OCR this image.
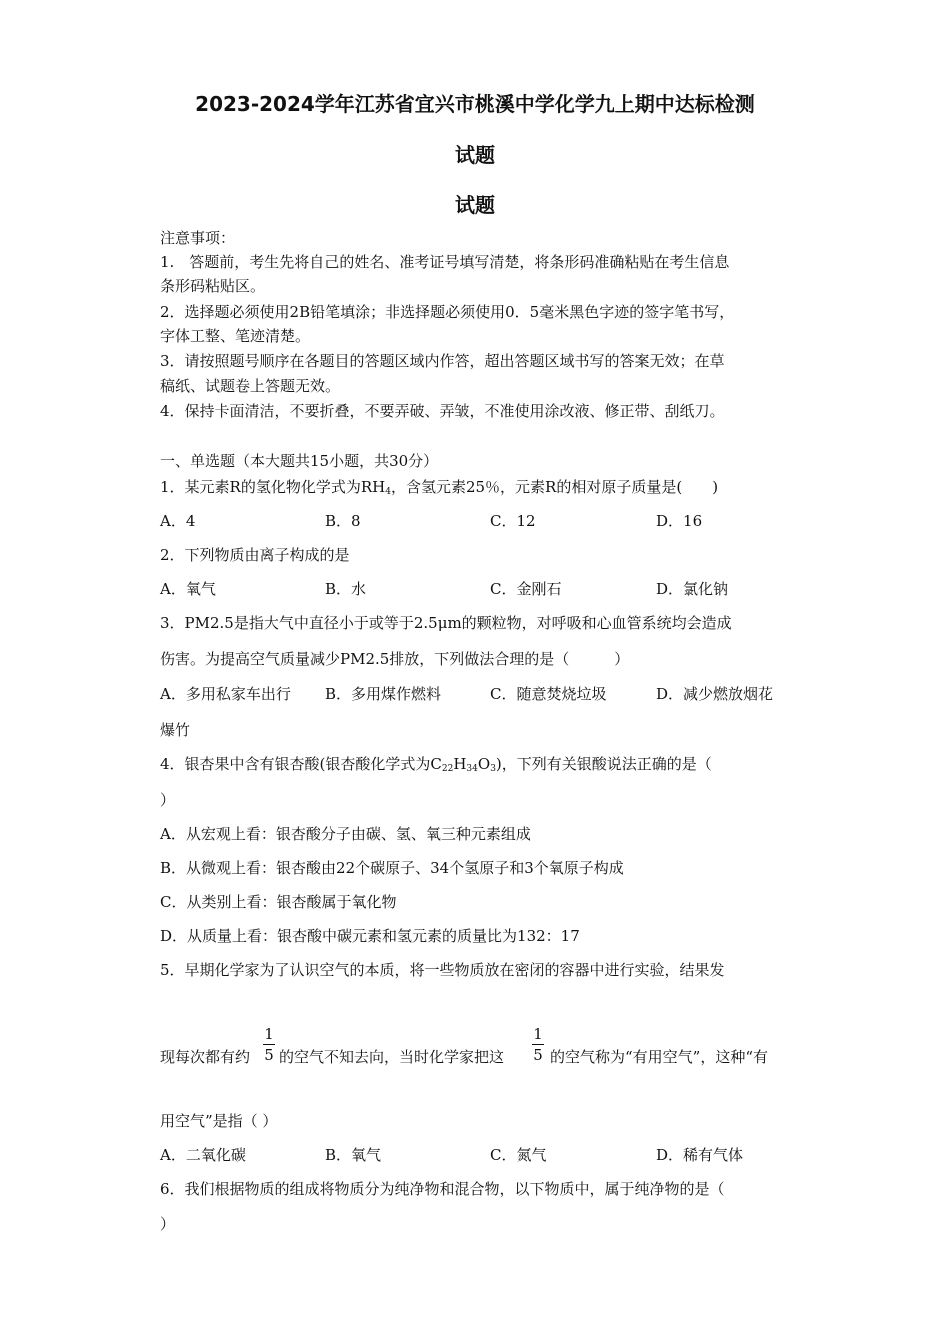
2023-2024学年江苏省宜兴市桃溪中学化学九上期中达标检测
试题
试题
注意事项：
1.　答题前，考生先将自己的姓名、准考证号填写清楚，将条形码准确粘贴在考生信息
条形码粘贴区。
2．选择题必须使用2B铅笔填涂；非选择题必须使用0．5毫米黑色字迹的签字笔书写，
字体工整、笔迹清楚。
3．请按照题号顺序在各题目的答题区域内作答，超出答题区域书写的答案无效；在草
稿纸、试题卷上答题无效。
4．保持卡面清洁，不要折叠，不要弄破、弄皱，不准使用涂改液、修正带、刮纸刀。
一、单选题（本大题共15小题，共30分）
1．某元素R的氢化物化学式为$RH_4$，含氢元素25％，元素R的相对原子质量是(　　)
A．4	B．8	C．12	D．16
2．下列物质由离子构成的是
A．氧气	B．水	C．金刚石	D．氯化钠
3．PM2.5是指大气中直径小于或等于2.5μm的颗粒物，对呼吸和心血管系统均会造成
伤害。为提高空气质量减少PM2.5排放，下列做法合理的是（　　　）
A．多用私家车出行 B．多用煤作燃料	C．随意焚烧垃圾	D．减少燃放烟花
爆竹
4．银杏果中含有银杏酸(银杏酸化学式为$C_{22}H_{34}O_3$)，下列有关银酸说法正确的是（
）
A．从宏观上看：银杏酸分子由碳、氢、氧三种元素组成
B．从微观上看：银杏酸由22个碳原子、34个氢原子和3个氧原子构成
C．从类别上看：银杏酸属于氧化物
D．从质量上看：银杏酸中碳元素和氢元素的质量比为132：17
5．早期化学家为了认识空气的本质，将一些物质放在密闭的容器中进行实验，结果发
现每次都有约
1
5 的空气不知去向，当时化学家把这
1
5 的空气称为“有用空气”，这种“有
用空气”是指（ ）
A．二氧化碳	B．氧气	C．氮气	D．稀有气体
6．我们根据物质的组成将物质分为纯净物和混合物，以下物质中，属于纯净物的是（
）
